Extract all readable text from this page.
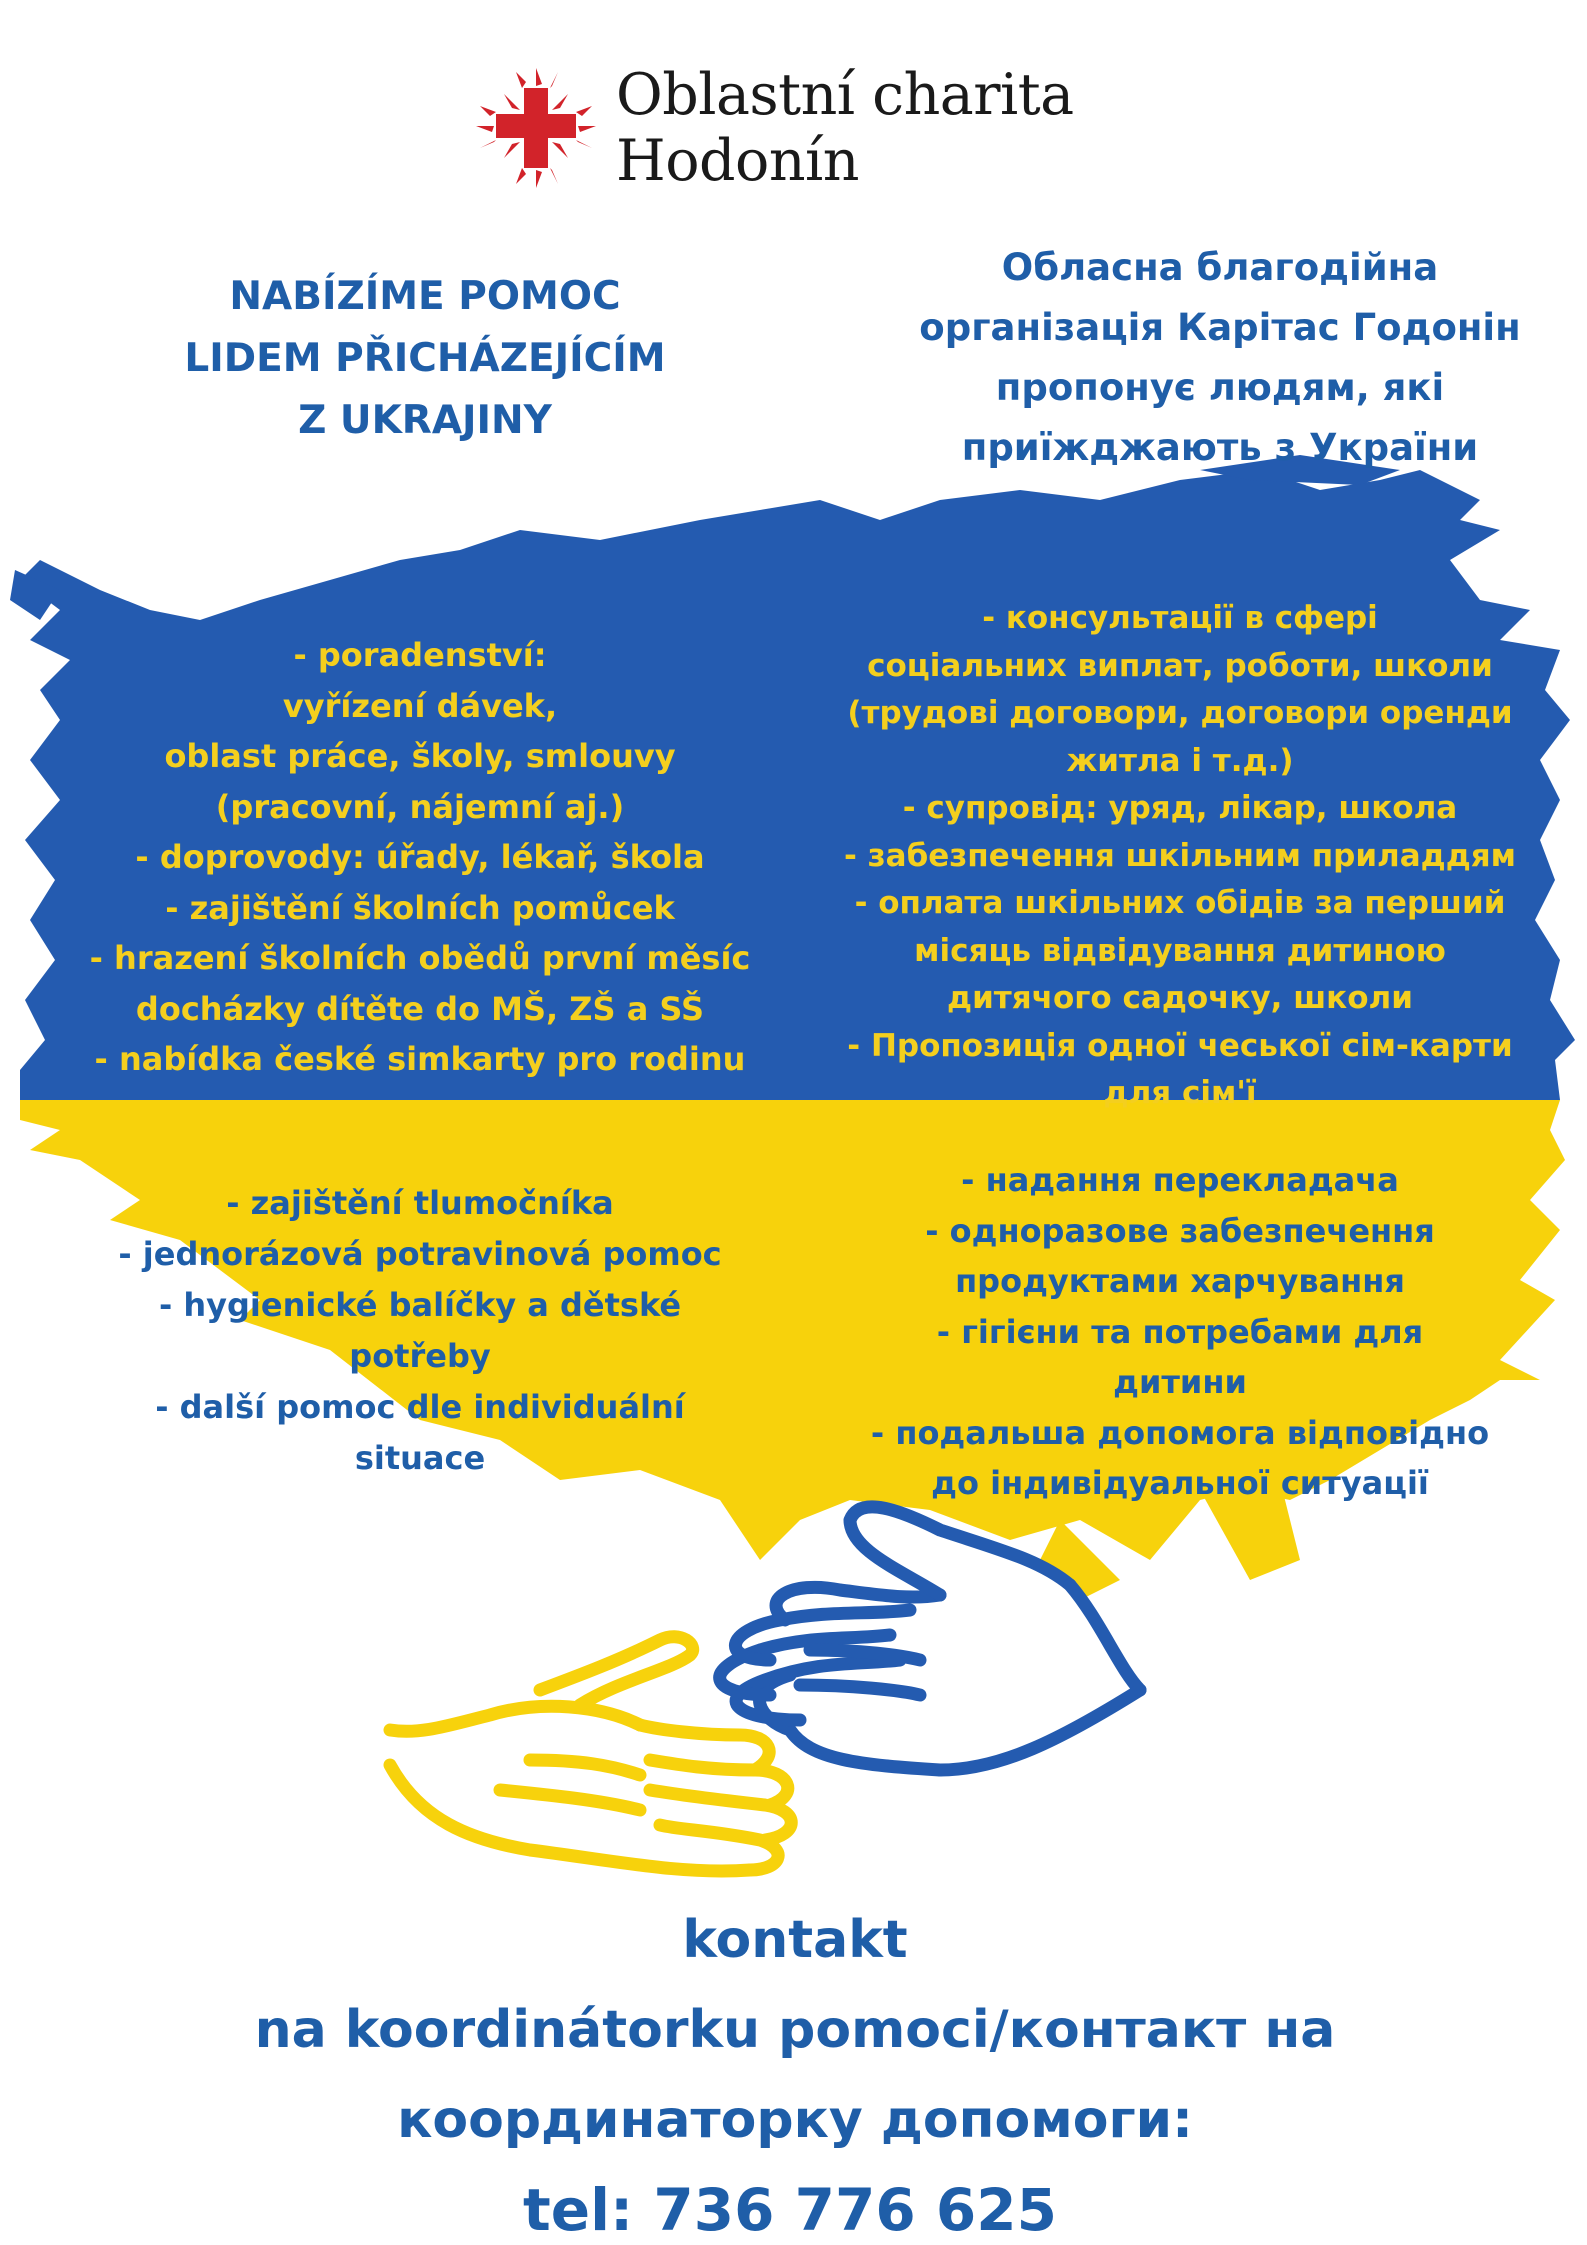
Oblastní charita
Hodonín
NABÍZÍME POMOC
LIDEM PŘICHÁZEJÍCÍM
Z UKRAJINY
Обласна благодійна
організація Карітас Годонін
пропонує людям, які
приїжджають з України
- poradenství:
vyřízení dávek,
oblast práce, školy, smlouvy
(pracovní, nájemní aj.)
- doprovody: úřady, lékař, škola
- zajištění školních pomůcek
- hrazení školních obědů první měsíc
docházky dítěte do MŠ, ZŠ a SŠ
- nabídka české simkarty pro rodinu
- консультації в сфері
соціальних виплат, роботи, школи
(трудові договори, договори оренди
житла і т.д.)
- супровід: уряд, лікар, школа
- забезпечення шкільним приладдям
- оплата шкільних обідів за перший
місяць відвідування дитиною
дитячого садочку, школи
- Пропозиція одної чеської сім-карти
для сім'ї
- zajištění tlumočníka
- jednorázová potravinová pomoc
- hygienické balíčky a dětské
potřeby
- další pomoc dle individuální
situace
- надання перекладача
- одноразове забезпечення
продуктами харчування
- гігієни та потребами для
дитини
- подальша допомога відповідно
до індивідуальної ситуації
kontakt
na koordinátorku pomoci/контакт на
координаторку допомоги:
tel: 736 776 625
